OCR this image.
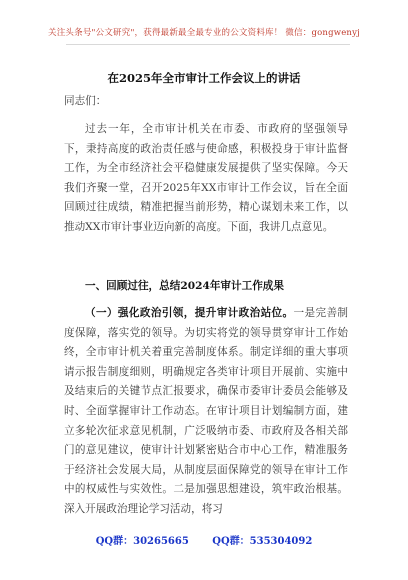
关注头条号"公文研究"，获得最新最全最专业的公文资料库！ 微信：gongwenyj
在2025年全市审计工作会议上的讲话
同志们：
过去一年，全市审计机关在市委、市政府的坚强领导下，秉持高度的政治责任感与使命感，积极投身于审计监督工作，为全市经济社会平稳健康发展提供了坚实保障。今天我们齐聚一堂，召开2025年XX市审计工作会议，旨在全面回顾过往成绩，精准把握当前形势，精心谋划未来工作，以推动XX市审计事业迈向新的高度。下面，我讲几点意见。
一、回顾过往，总结2024年审计工作成果
（一）强化政治引领，提升审计政治站位。一是完善制度保障，落实党的领导。为切实将党的领导贯穿审计工作始终，全市审计机关着重完善制度体系。制定详细的重大事项请示报告制度细则，明确规定各类审计项目开展前、实施中及结束后的关键节点汇报要求，确保市委审计委员会能够及时、全面掌握审计工作动态。在审计项目计划编制方面，建立多轮次征求意见机制，广泛吸纳市委、市政府及各相关部门的意见建议，使审计计划紧密贴合市中心工作，精准服务于经济社会发展大局，从制度层面保障党的领导在审计工作中的权威性与实效性。二是加强思想建设，筑牢政治根基。深入开展政治理论学习活动，将习
QQ群：30265665 QQ群：535304092
